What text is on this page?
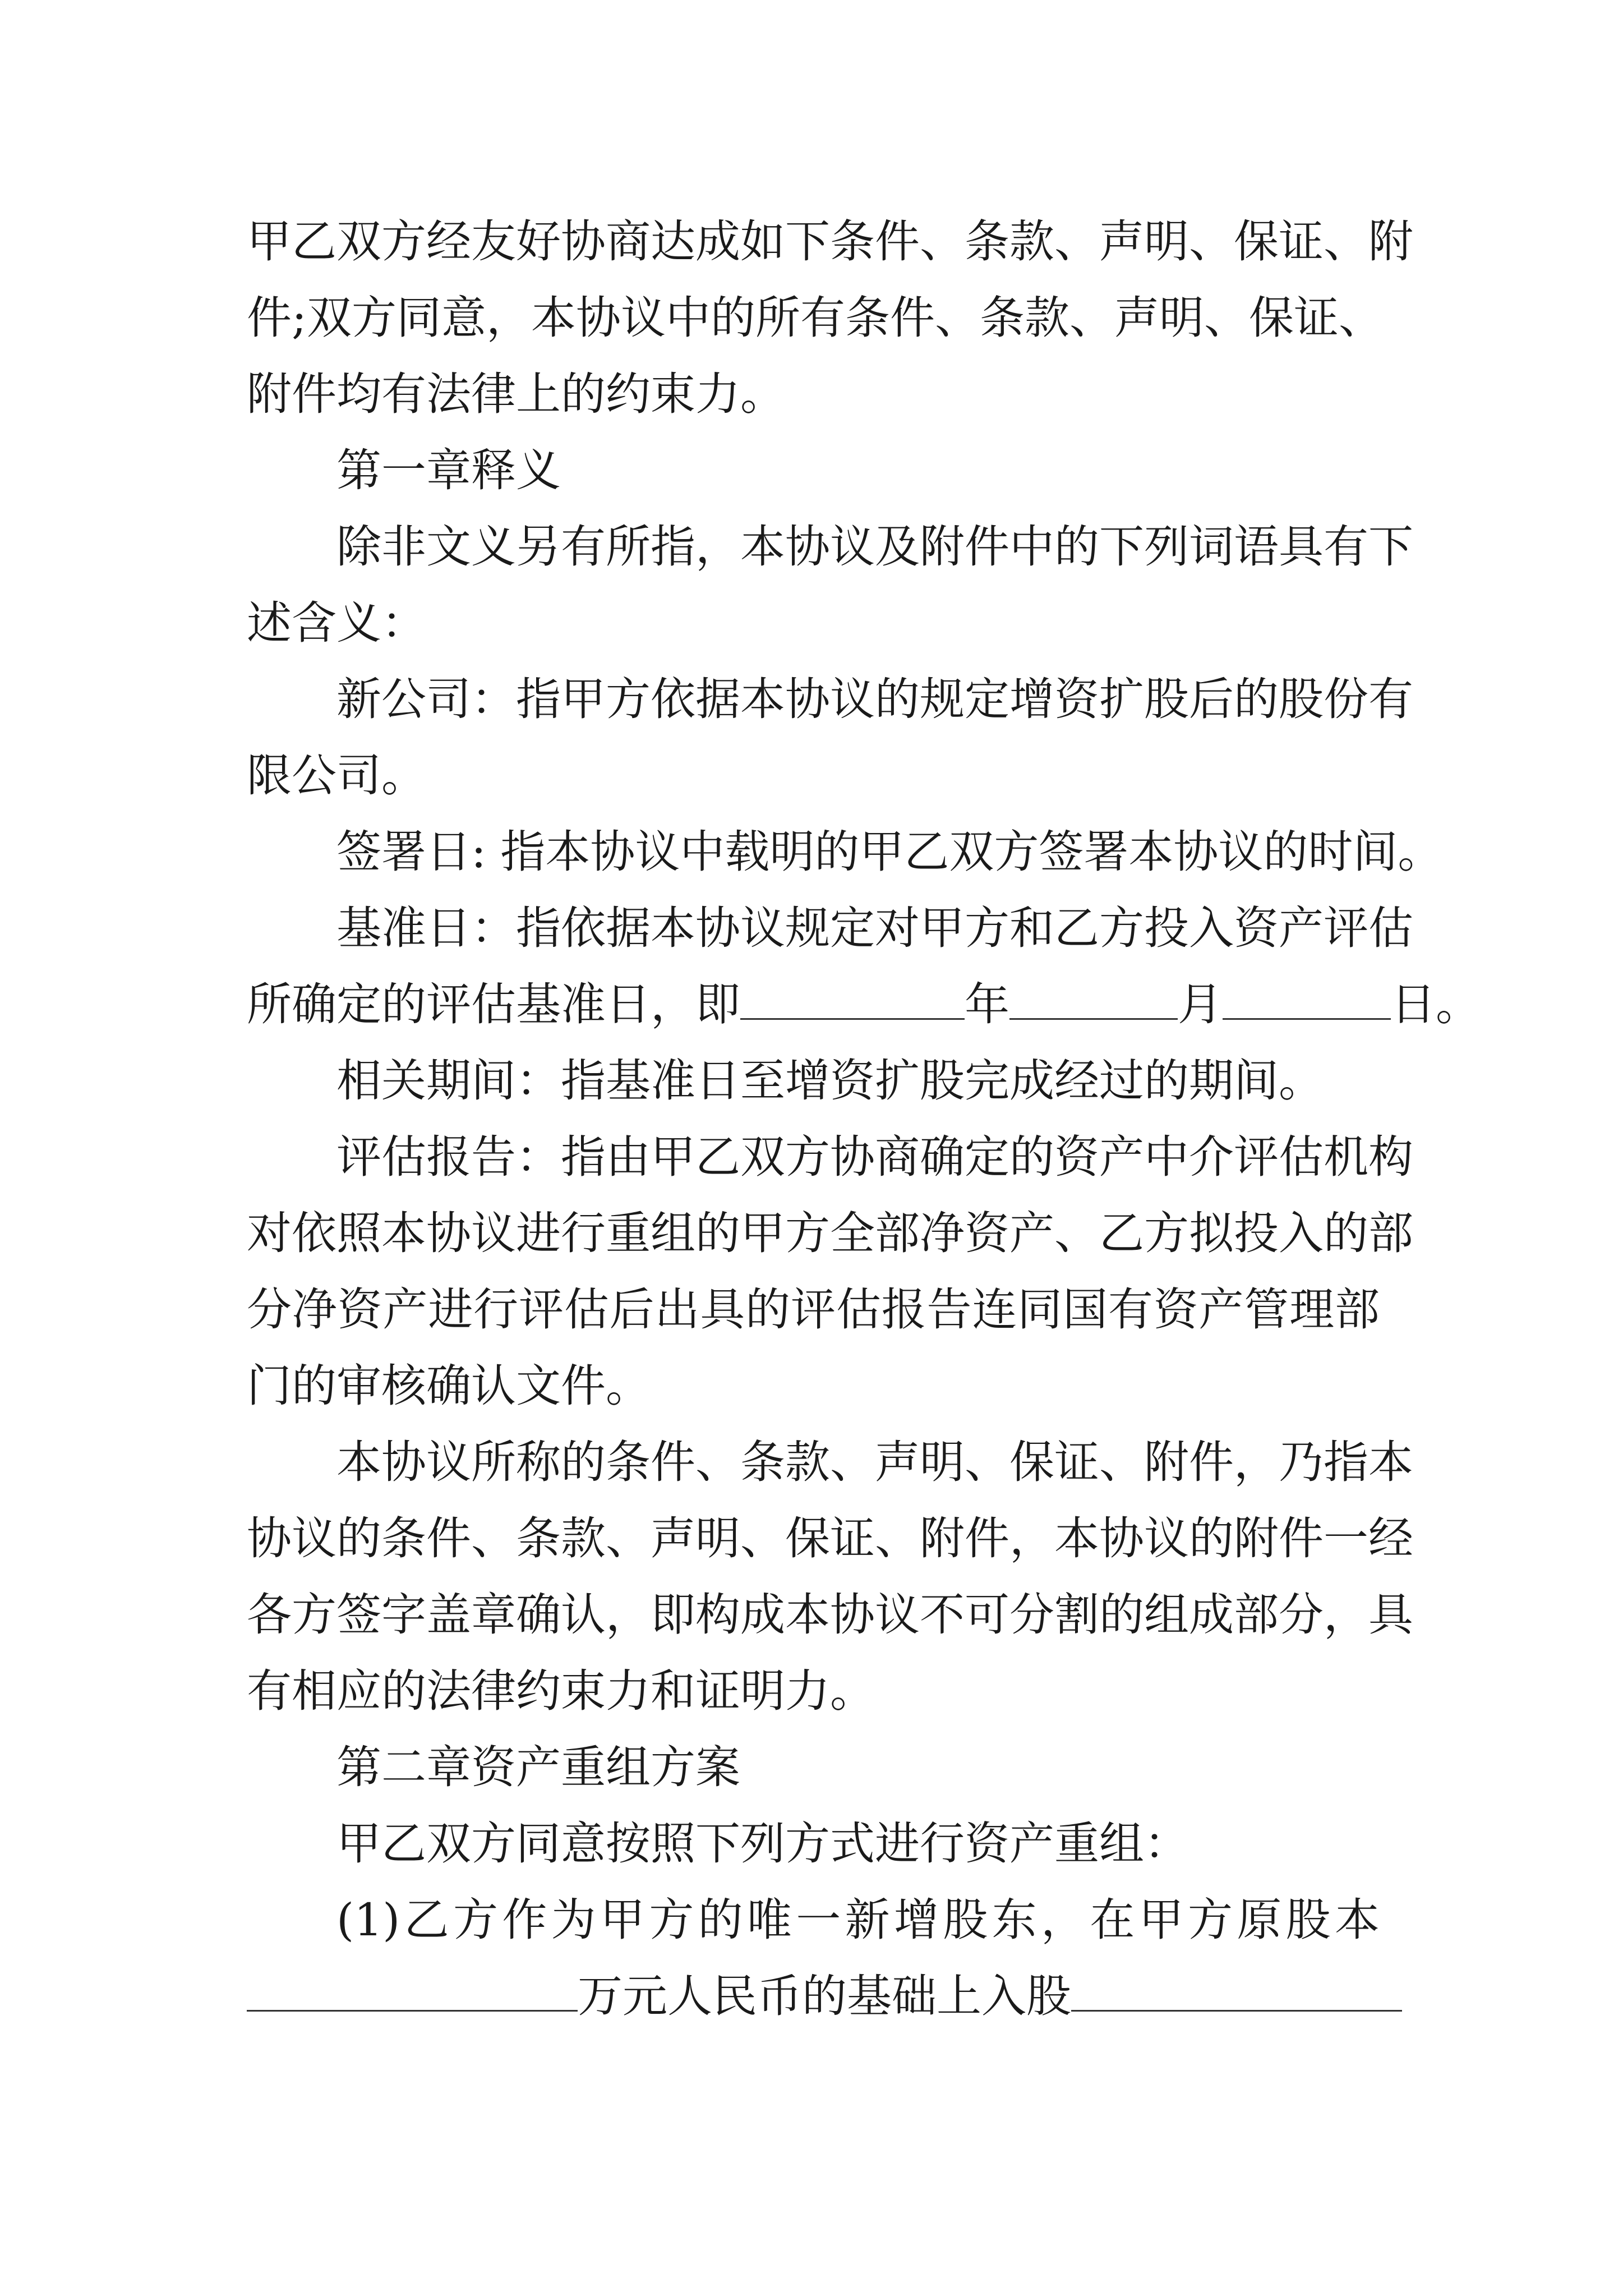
甲乙双方经友好协商达成如下条件、条款、声明、保证、附
件;双方同意，本协议中的所有条件、条款、声明、保证、
附件均有法律上的约束力。
第一章释义
除非文义另有所指，本协议及附件中的下列词语具有下
述含义：
新公司：指甲方依据本协议的规定增资扩股后的股份有
限公司。
签署日: 指本协议中载明的甲乙双方签署本协议的时间。
基准日：指依据本协议规定对甲方和乙方投入资产评估
所确定的评估基准日，即	年	月	日。
相关期间：指基准日至增资扩股完成经过的期间。
评估报告：指由甲乙双方协商确定的资产中介评估机构
对依照本协议进行重组的甲方全部净资产、乙方拟投入的部
分净资产进行评估后出具的评估报告连同国有资产管理部
门的审核确认文件。
本协议所称的条件、条款、声明、保证、附件，乃指本
协议的条件、条款、声明、保证、附件，本协议的附件一经
各方签字盖章确认，即构成本协议不可分割的组成部分，具
有相应的法律约束力和证明力。
第二章资产重组方案
甲乙双方同意按照下列方式进行资产重组：
(1)乙方作为甲方的唯一新增股东，在甲方原股本
万元人民币的基础上入股
